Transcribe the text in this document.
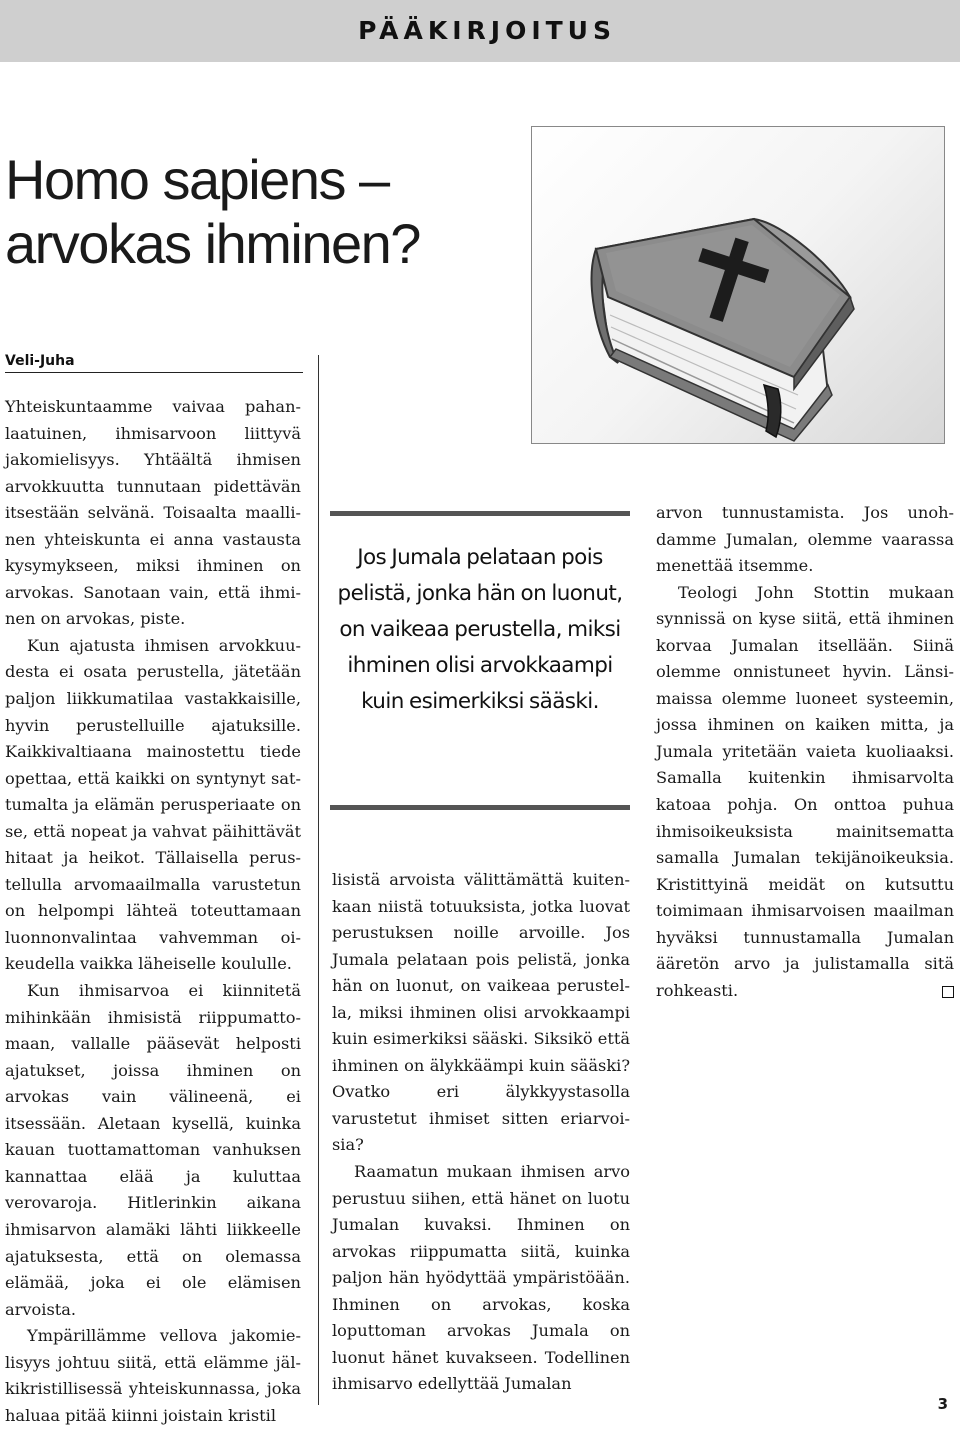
PÄÄKIRJOITUS
Homo sapiens –
arvokas ihminen?
Veli-Juha

Yhteiskuntaamme vaivaa pahanlaatuinen, ihmisarvoon liittyvä jakomielisyys. Yhtäältä ihmisen arvokkuutta tunnutaan pidettävän itsestään selvänä. Toisaalta maallinen yhteiskunta ei anna vastausta kysymykseen, miksi ihminen on arvokas. Sanotaan vain, että ihminen on arvokas, piste.

Kun ajatusta ihmisen arvokkuudesta ei osata perustella, jätetään paljon liikkumatilaa vastakkaisille, hyvin perustelluille ajatuksille. Kaikkivaltiaana mainostettu tiede opettaa, että kaikki on syntynyt sattumalta ja elämän perusperiaate on se, että nopeat ja vahvat päihittävät hitaat ja heikot. Tällaisella perustellulla arvomaailmalla varustetun on helpompi lähteä toteuttamaan luonnonvalintaa vahvemman oikeudella vaikka läheiselle koululle.

Kun ihmisarvoa ei kiinnitetä mihinkään ihmisistä riippumattomaan, vallalle pääsevät helposti ajatukset, joissa ihminen on arvokas vain välineenä, ei itsessään. Aletaan kysellä, kuinka kauan tuottamattoman vanhuksen kannattaa elää ja kuluttaa verovaroja. Hitlerinkin aikana ihmisarvon alamäki lähti liikkeelle ajatuksesta, että on olemassa elämää, joka ei ole elämisen arvoista.

Ympärillämme vellova jakomielisyys johtuu siitä, että elämme jälkikristillisessä yhteiskunnassa, joka haluaa pitää kiinni joistain kristil

Jos Jumala pelataan pois pelistä, jonka hän on luonut, on vaikeaa perustella, miksi ihminen olisi arvokkaampi kuin esimerkiksi sääski.

lisistä arvoista välittämättä kuitenkaan niistä totuuksista, jotka luovat perustuksen noille arvoille. Jos Jumala pelataan pois pelistä, jonka hän on luonut, on vaikeaa perustella, miksi ihminen olisi arvokkaampi kuin esimerkiksi sääski. Siksikö että ihminen on älykkäämpi kuin sääski? Ovatko eri älykkyystasolla varustetut ihmiset sitten eriarvoisia?

Raamatun mukaan ihmisen arvo perustuu siihen, että hänet on luotu Jumalan kuvaksi. Ihminen on arvokas riippumatta siitä, kuinka paljon hän hyödyttää ympäristöään. Ihminen on arvokas, koska loputtoman arvokas Jumala on luonut hänet kuvakseen. Todellinen ihmisarvo edellyttää Jumalan

arvon tunnustamista. Jos unohdamme Jumalan, olemme vaarassa menettää itsemme.

Teologi John Stottin mukaan synnissä on kyse siitä, että ihminen korvaa Jumalan itsellään. Siinä olemme onnistuneet hyvin. Länsimaissa olemme luoneet systeemin, jossa ihminen on kaiken mitta, ja Jumala yritetään vaieta kuoliaaksi. Samalla kuitenkin ihmisarvolta katoaa pohja. On onttoa puhua ihmisoikeuksista mainitsematta samalla Jumalan tekijänoikeuksia. Kristittyinä meidät on kutsuttu toimimaan ihmisarvoisen maailman hyväksi tunnustamalla Jumalan ääretön arvo ja julistamalla sitä rohkeasti.

3
